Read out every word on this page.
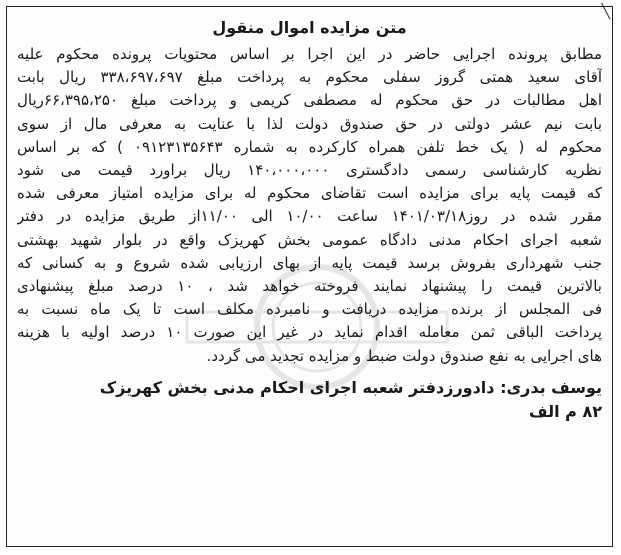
╲
متن مزایده اموال منقول
مطابق پرونده اجرایی حاضر در این اجرا بر اساس محتویات پرونده محکوم علیه
آقای سعید همتی گروز سفلی محکوم به پرداخت مبلغ ۳۳۸،۶۹۷،۶۹۷ ریال بابت
اهل مطالبات در حق محکوم له مصطفی کریمی و پرداخت مبلغ ۶۶،۳۹۵،۲۵۰ریال
بابت نیم عشر دولتی در حق صندوق دولت لذا با عنایت به معرفی مال از سوی
محکوم له ( یک خط تلفن همراه کارکرده به شماره ۰۹۱۲۳۱۳۵۶۴۳ ) که بر اساس
نظریه کارشناسی رسمی دادگستری ۱۴۰،۰۰۰،۰۰۰ ریال براورد قیمت می شود
که قیمت پایه برای مزایده است تقاضای محکوم له برای مزایده امتیاز معرفی شده
مقرر شده در روز۱۴۰۱/۰۳/۱۸ ساعت ۱۰/۰۰ الی ۱۱/۰۰از طریق مزایده در دفتر
شعبه اجرای احکام مدنی دادگاه عمومی بخش کهریزک واقع در بلوار شهید بهشتی
جنب شهرداری بفروش برسد قیمت پایه از بهای ارزیابی شده شروع و به کسانی که
بالاترین قیمت را پیشنهاد نمایند فروخته خواهد شد ، ۱۰ درصد مبلغ پیشنهادی
فی المجلس از برنده مزایده دریافت و نامبرده مکلف است تا یک ماه نسبت به
پرداخت الباقی ثمن معامله اقدام نماید در غیر این صورت ۱۰ درصد اولیه با هزینه
های اجرایی به نفع صندوق دولت ضبط و مزایده تجدید می گردد.
یوسف بدری: دادورزدفتر شعبه اجرای احکام مدنی بخش کهریزک
۸۲ م الف
